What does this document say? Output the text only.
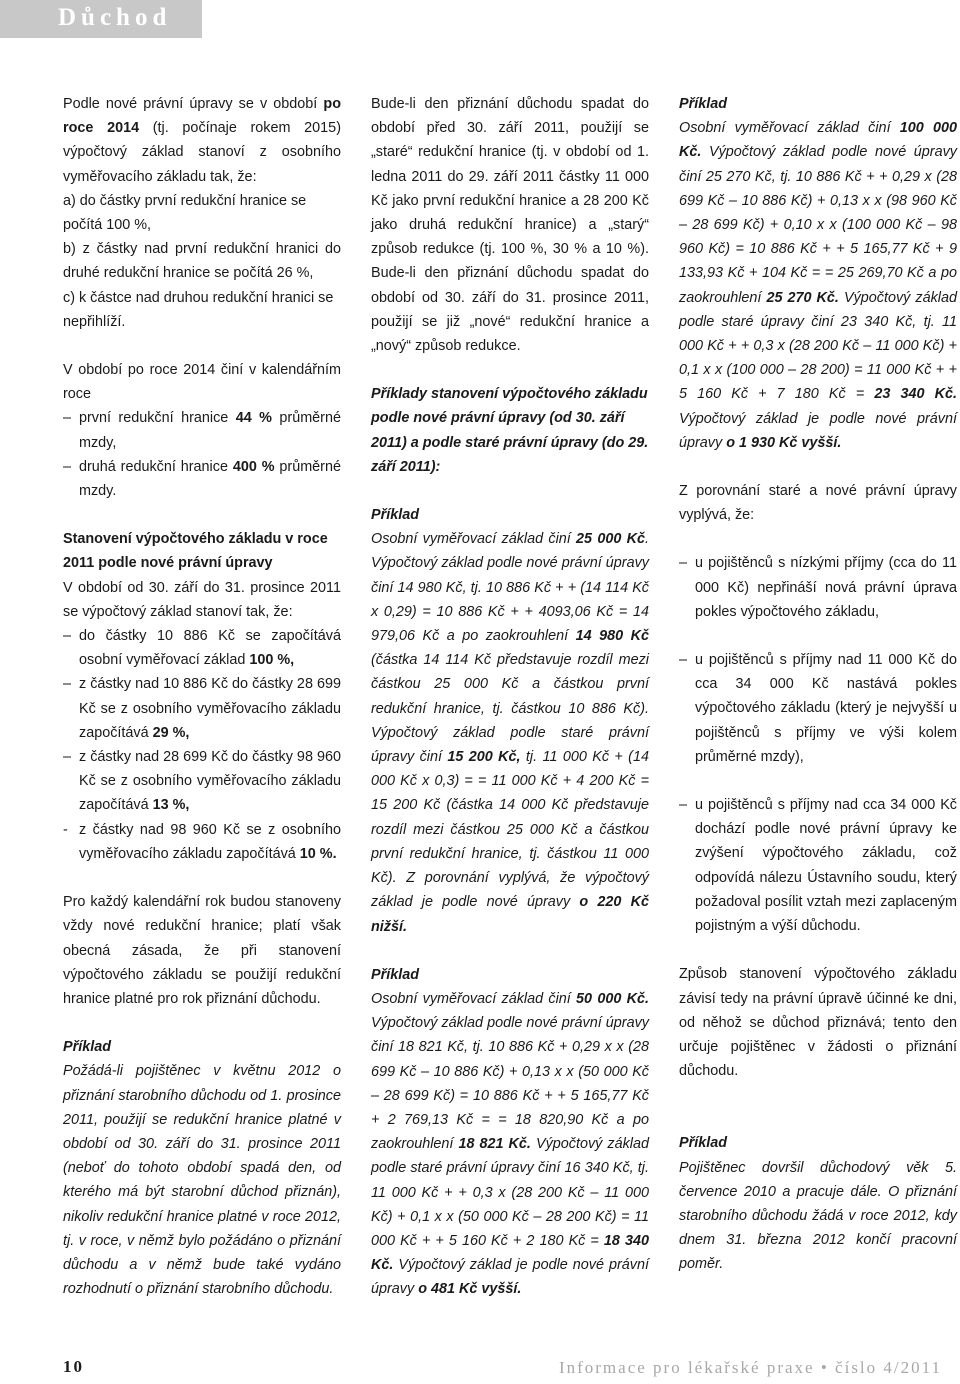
Důchod
Podle nové právní úpravy se v období po roce 2014 (tj. počínaje rokem 2015) výpočtový základ stanoví z osobního vyměřovacího základu tak, že:

a) do částky první redukční hranice se počítá 100 %,

b) z částky nad první redukční hranici do druhé redukční hranice se počítá 26 %,

c) k částce nad druhou redukční hranici se nepřihlíží.

V období po roce 2014 činí v kalendářním roce

– první redukční hranice 44 % průměrné mzdy,
– druhá redukční hranice 400 % průměrné mzdy.

Stanovení výpočtového základu v roce 2011 podle nové právní úpravy

V období od 30. září do 31. prosince 2011 se výpočtový základ stanoví tak, že:

– do částky 10 886 Kč se započítává osobní vyměřovací základ 100 %,
– z částky nad 10 886 Kč do částky 28 699 Kč se z osobního vyměřovacího základu započítává 29 %,
– z částky nad 28 699 Kč do částky 98 960 Kč se z osobního vyměřovacího základu započítává 13 %,
- z částky nad 98 960 Kč se z osobního vyměřovacího základu započítává 10 %.

Pro každý kalendářní rok budou stanoveny vždy nové redukční hranice; platí však obecná zásada, že při stanovení výpočtového základu se použijí redukční hranice platné pro rok přiznání důchodu.

Příklad

Požádá-li pojištěnec v květnu 2012 o přiznání starobního důchodu od 1. prosince 2011, použijí se redukční hranice platné v období od 30. září do 31. prosince 2011 (neboť do tohoto období spadá den, od kterého má být starobní důchod přiznán), nikoliv redukční hranice platné v roce 2012, tj. v roce, v němž bylo požádáno o přiznání důchodu a v němž bude také vydáno rozhodnutí o přiznání starobního důchodu.

Bude-li den přiznání důchodu spadat do období před 30. září 2011, použijí se „staré“ redukční hranice (tj. v období od 1. ledna 2011 do 29. září 2011 částky 11 000 Kč jako první redukční hranice a 28 200 Kč jako druhá redukční hranice) a „starý“ způsob redukce (tj. 100 %, 30 % a 10 %). Bude-li den přiznání důchodu spadat do období od 30. září do 31. prosince 2011, použijí se již „nové“ redukční hranice a „nový“ způsob redukce.

Příklady stanovení výpočtového základu podle nové právní úpravy (od 30. září 2011) a podle staré právní úpravy (do 29. září 2011):

Příklad

Osobní vyměřovací základ činí 25 000 Kč. Výpočtový základ podle nové právní úpravy činí 14 980 Kč, tj. 10 886 Kč + + (14 114 Kč x 0,29) = 10 886 Kč + + 4093,06 Kč = 14 979,06 Kč a po zaokrouhlení 14 980 Kč (částka 14 114 Kč představuje rozdíl mezi částkou 25 000 Kč a částkou první redukční hranice, tj. částkou 10 886 Kč). Výpočtový základ podle staré právní úpravy činí 15 200 Kč, tj. 11 000 Kč + (14 000 Kč x 0,3) = = 11 000 Kč + 4 200 Kč = 15 200 Kč (částka 14 000 Kč představuje rozdíl mezi částkou 25 000 Kč a částkou první redukční hranice, tj. částkou 11 000 Kč). Z porovnání vyplývá, že výpočtový základ je podle nové úpravy o 220 Kč nižší.

Příklad

Osobní vyměřovací základ činí 50 000 Kč. Výpočtový základ podle nové právní úpravy činí 18 821 Kč, tj. 10 886 Kč + 0,29 x x (28 699 Kč – 10 886 Kč) + 0,13 x x (50 000 Kč – 28 699 Kč) = 10 886 Kč + + 5 165,77 Kč + 2 769,13 Kč = = 18 820,90 Kč a po zaokrouhlení 18 821 Kč. Výpočtový základ podle staré právní úpravy činí 16 340 Kč, tj. 11 000 Kč + + 0,3 x (28 200 Kč – 11 000 Kč) + 0,1 x x (50 000 Kč – 28 200 Kč) = 11 000 Kč + + 5 160 Kč + 2 180 Kč = 18 340 Kč. Výpočtový základ je podle nové právní úpravy o 481 Kč vyšší.

Příklad

Osobní vyměřovací základ činí 100 000 Kč. Výpočtový základ podle nové úpravy činí 25 270 Kč, tj. 10 886 Kč + + 0,29 x (28 699 Kč – 10 886 Kč) + 0,13 x x (98 960 Kč – 28 699 Kč) + 0,10 x x (100 000 Kč – 98 960 Kč) = 10 886 Kč + + 5 165,77 Kč + 9 133,93 Kč + 104 Kč = = 25 269,70 Kč a po zaokrouhlení 25 270 Kč. Výpočtový základ podle staré úpravy činí 23 340 Kč, tj. 11 000 Kč + + 0,3 x (28 200 Kč – 11 000 Kč) + 0,1 x x (100 000 – 28 200) = 11 000 Kč + + 5 160 Kč + 7 180 Kč = 23 340 Kč. Výpočtový základ je podle nové právní úpravy o 1 930 Kč vyšší.

Z porovnání staré a nové právní úpravy vyplývá, že:

– u pojištěnců s nízkými příjmy (cca do 11 000 Kč) nepřináší nová právní úprava pokles výpočtového základu,
– u pojištěnců s příjmy nad 11 000 Kč do cca 34 000 Kč nastává pokles výpočtového základu (který je nejvyšší u pojištěnců s příjmy ve výši kolem průměrné mzdy),
– u pojištěnců s příjmy nad cca 34 000 Kč dochází podle nové právní úpravy ke zvýšení výpočtového základu, což odpovídá nálezu Ústavního soudu, který požadoval posílit vztah mezi zaplaceným pojistným a výší důchodu.

Způsob stanovení výpočtového základu závisí tedy na právní úpravě účinné ke dni, od něhož se důchod přiznává; tento den určuje pojištěnec v žádosti o přiznání důchodu.

Příklad

Pojištěnec dovršil důchodový věk 5. července 2010 a pracuje dále. O přiznání starobního důchodu žádá v roce 2012, kdy dnem 31. března 2012 končí pracovní poměr.

10	Informace pro lékařské praxe • číslo 4/2011
